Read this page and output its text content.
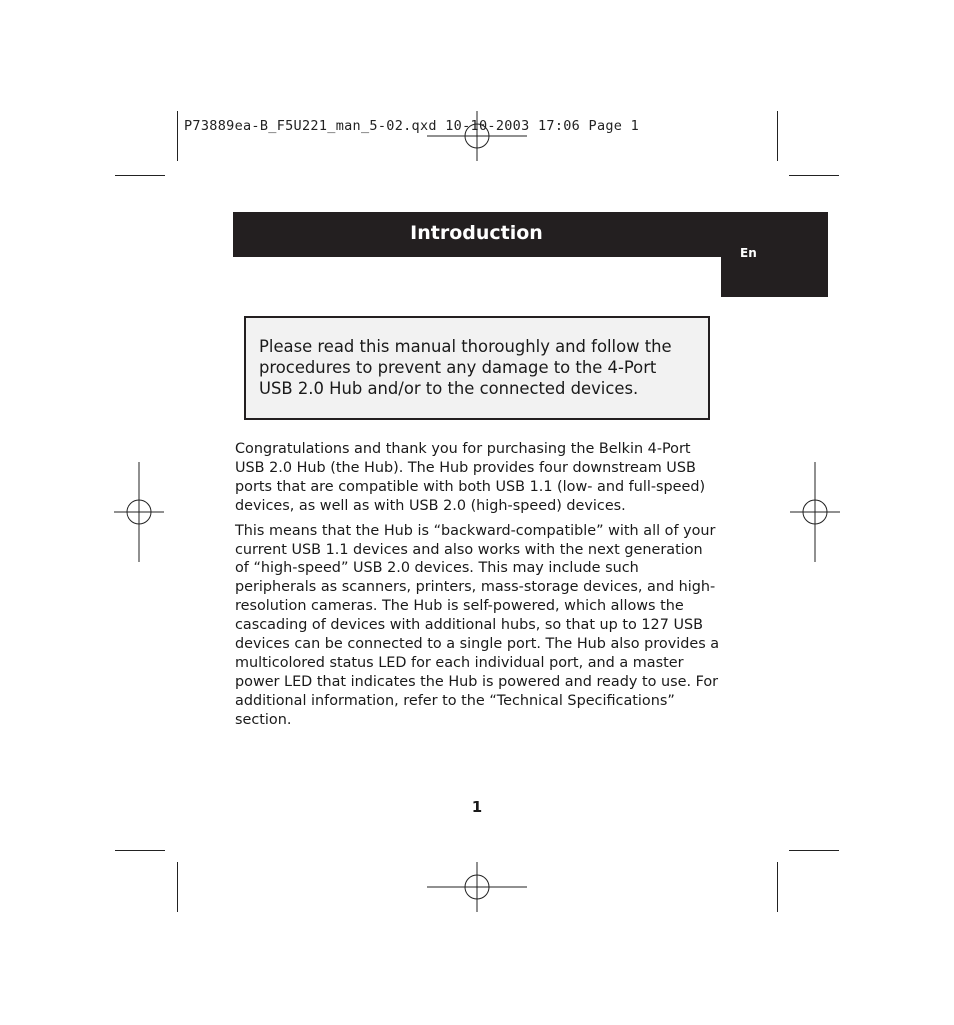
P73889ea-B_F5U221_man_5-02.qxd 10-10-2003 17:06 Page 1
Introduction
En
Please read this manual thoroughly and follow the procedures to prevent any damage to the 4-Port USB 2.0 Hub and/or to the connected devices.

Congratulations and thank you for purchasing the Belkin 4-Port USB 2.0 Hub (the Hub). The Hub provides four downstream USB ports that are compatible with both USB 1.1 (low- and full-speed) devices, as well as with USB 2.0 (high-speed) devices.

This means that the Hub is “backward-compatible” with all of your current USB 1.1 devices and also works with the next generation of “high-speed” USB 2.0 devices. This may include such peripherals as scanners, printers, mass-storage devices, and high-resolution cameras. The Hub is self-powered, which allows the cascading of devices with additional hubs, so that up to 127 USB devices can be connected to a single port. The Hub also provides a multicolored status LED for each individual port, and a master power LED that indicates the Hub is powered and ready to use. For additional information, refer to the “Technical Specifications” section.

1
